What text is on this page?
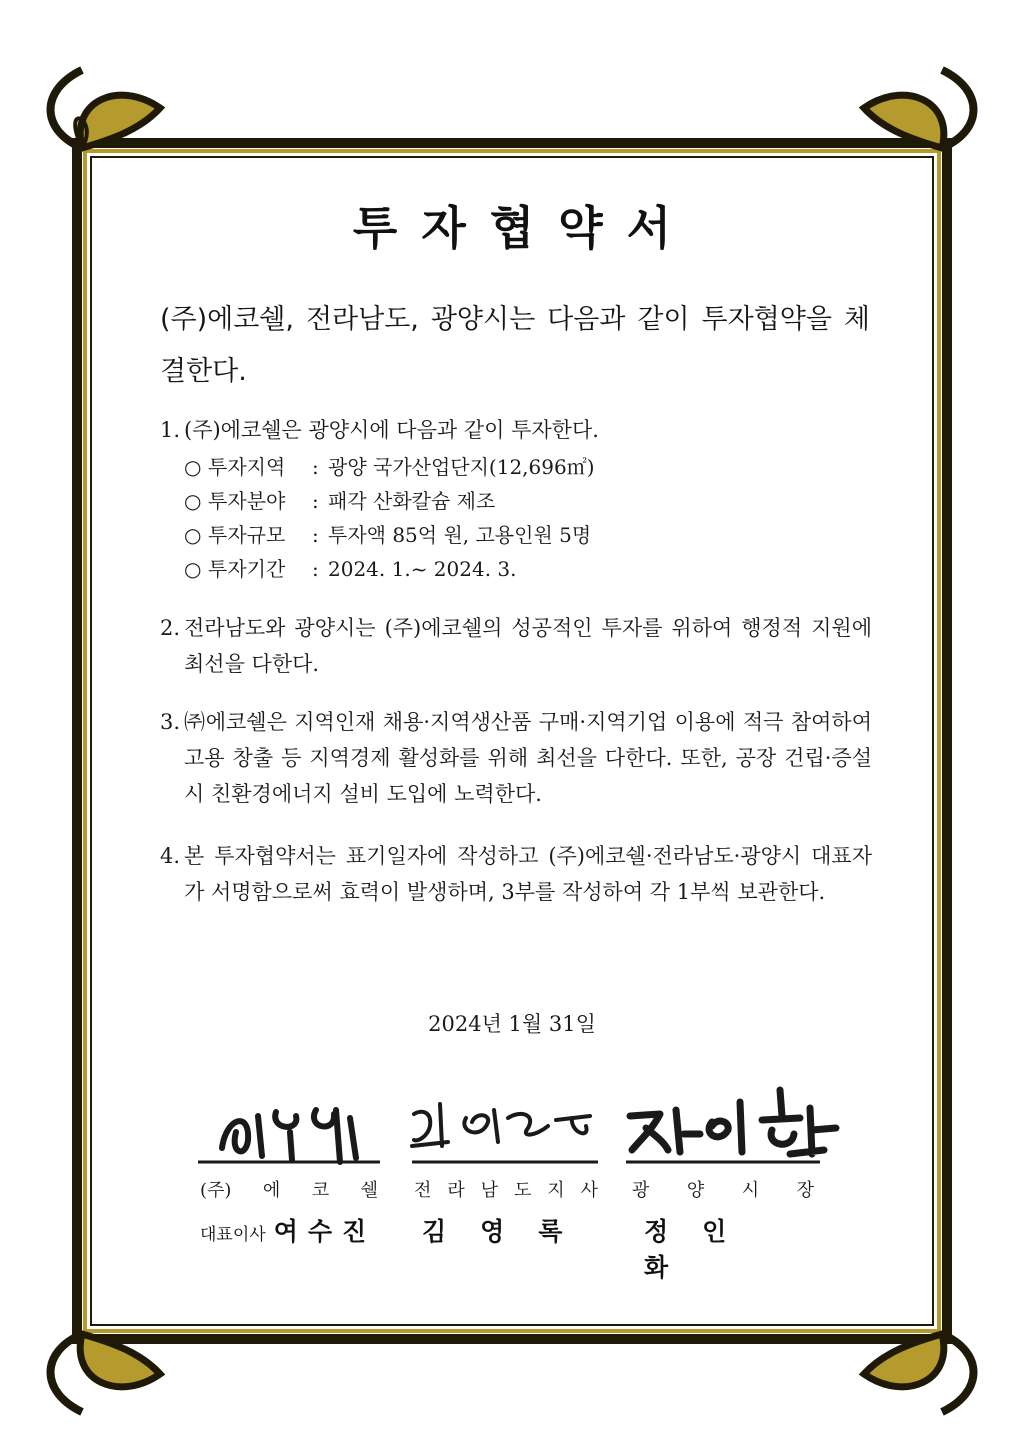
투자협약서
(주)에코쉘, 전라남도, 광양시는 다음과 같이 투자협약을 체결한다.
1. (주)에코쉘은 광양시에 다음과 같이 투자한다.
○ 투자지역	: 광양 국가산업단지(12,696㎡)
○ 투자분야	: 패각 산화칼슘 제조
○ 투자규모	: 투자액 85억 원, 고용인원 5명
○ 투자기간	: 2024. 1.~ 2024. 3.
2. 전라남도와 광양시는 (주)에코쉘의 성공적인 투자를 위하여 행정적 지원에 최선을 다한다.
3. ㈜에코쉘은 지역인재 채용·지역생산품 구매·지역기업 이용에 적극 참여하여 고용 창출 등 지역경제 활성화를 위해 최선을 다한다. 또한, 공장 건립·증설 시 친환경에너지 설비 도입에 노력한다.
4. 본 투자협약서는 표기일자에 작성하고 (주)에코쉘·전라남도·광양시 대표자가 서명함으로써 효력이 발생하며, 3부를 작성하여 각 1부씩 보관한다.
2024년 1월 31일
(주) 에 코 쉘
대표이사 여수진
전 라 남 도 지 사
김영록
광 양 시 장
정인화
